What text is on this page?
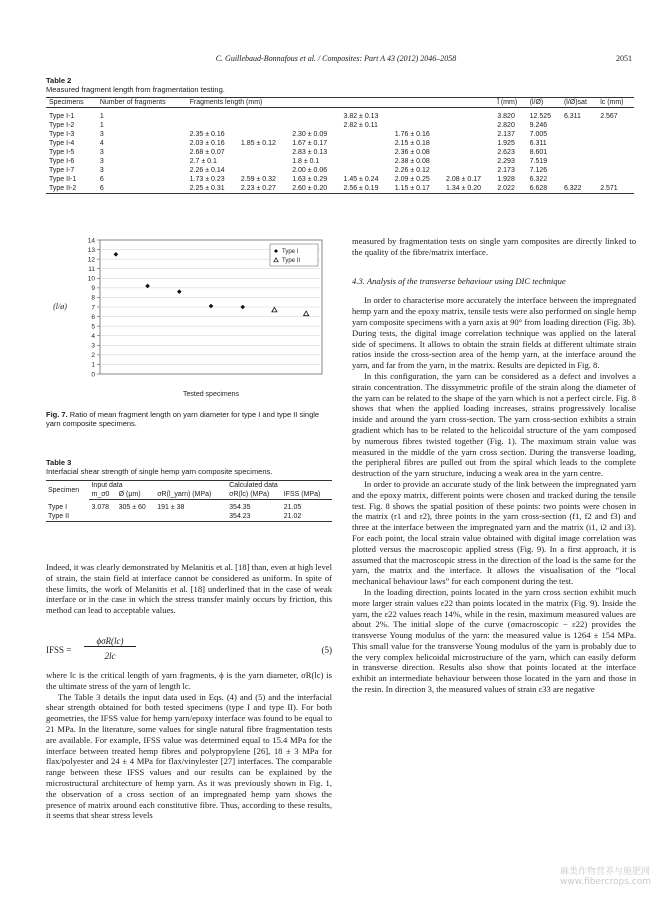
C. Guillebaud-Bonnafous et al. / Composites: Part A 43 (2012) 2046–2058	2051
Table 2
Measured fragment length from fragmentation testing.
Specimens	Number of fragments	Fragments length (mm)						l̄ (mm)	(l/Ø)	(l/Ø)sat	lc (mm)
Type I-1	1				3.82 ± 0.13			3.820	12.525	6.311	2.567
Type I-2	1				2.82 ± 0.11			2.820	9.246		
Type I-3	3	2.35 ± 0.16		2.30 ± 0.09		1.76 ± 0.16		2.137	7.005		
Type I-4	4	2.03 ± 0.16	1.85 ± 0.12	1.67 ± 0.17		2.15 ± 0.18		1.925	6.311		
Type I-5	3	2.68 ± 0.07		2.83 ± 0.13		2.36 ± 0.08		2.623	8.601		
Type I-6	3	2.7 ± 0.1		1.8 ± 0.1		2.38 ± 0.08		2.293	7.519		
Type I-7	3	2.26 ± 0.14		2.00 ± 0.06		2.26 ± 0.12		2.173	7.126		
Type II-1	6	1.73 ± 0.23	2.59 ± 0.32	1.63 ± 0.29	1.45 ± 0.24	2.09 ± 0.25	2.08 ± 0.17	1.928	6.322		
Type II-2	6	2.25 ± 0.31	2.23 ± 0.27	2.60 ± 0.20	2.56 ± 0.19	1.15 ± 0.17	1.34 ± 0.20	2.022	6.628	6.322	2.571
0
1
2
3
4
5
6
7
8
9
10
11
12
13
14
(l/ø)
Tested specimens
Type I
Type II
Fig. 7. Ratio of mean fragment length on yarn diameter for type I and type II single yarn composite specimens.
Table 3
Interfacial shear strength of single hemp yarn composite specimens.
Specimen	Input data			Calculated data	
	m_σ0	Ø (μm)	σR(l_yarn) (MPa)	σR(lc) (MPa)	IFSS (MPa)
Type I	3.078	305 ± 60	191 ± 38	354.35	21.05
Type II				354.23	21.02

Indeed, it was clearly demonstrated by Melanitis et al. [18] than, even at high level of strain, the stain field at interface cannot be considered as uniform. In spite of these limits, the work of Melanitis et al. [18] underlined that in the case of weak interface or in the case in which the stress transfer mainly occurs by friction, this method can lead to acceptable values.

IFSS =
ϕσR(lc)
2lc
(5)

where lc is the critical length of yarn fragments, ϕ is the yarn diameter, σR(lc) is the ultimate stress of the yarn of length lc.

The Table 3 details the input data used in Eqs. (4) and (5) and the interfacial shear strength obtained for both tested specimens (type I and type II). For both geometries, the IFSS value for hemp yarn/epoxy interface was found to be equal to 21 MPa. In the literature, some values for single natural fibre fragmentation tests are available. For example, IFSS value was determined equal to 15.4 MPa for the interface between treated hemp fibres and polypropylene [26], 18 ± 3 MPa for flax/polyester and 24 ± 4 MPa for flax/vinylester [27] interfaces. The comparable range between these IFSS values and our results can be explained by the microstructural architecture of hemp yarn. As it was previously shown in Fig. 1, the observation of a cross section of an impregnated hemp yarn shows the presence of matrix around each constitutive fibre. Thus, according to these results, it seems that shear stress levels

measured by fragmentation tests on single yarn composites are directly linked to the quality of the fibre/matrix interface.

4.3. Analysis of the transverse behaviour using DIC technique

In order to characterise more accurately the interface between the impregnated hemp yarn and the epoxy matrix, tensile tests were also performed on single hemp yarn composite specimens with a yarn axis at 90° from loading direction (Fig. 3b). During tests, the digital image correlation technique was applied on the lateral side of specimens. It allows to obtain the strain fields at different ultimate strain ratios inside the cross-section area of the hemp yarn, at the interface around the yarn, and far from the yarn, in the matrix. Results are depicted in Fig. 8.

In this configuration, the yarn can be considered as a defect and involves a strain concentration. The dissymmetric profile of the strain along the diameter of the yarn can be related to the shape of the yarn which is not a perfect circle. Fig. 8 shows that when the applied loading increases, strains progressively localise inside and around the yarn cross-section. The yarn cross-section exhibits a strain gradient which has to be related to the helicoidal structure of the yarn composed by numerous fibres twisted together (Fig. 1). The maximum strain value was measured in the middle of the yarn cross section. During the transverse loading, the peripheral fibres are pulled out from the spiral which leads to the complete destruction of the yarn structure, inducing a weak area in the yarn centre.

In order to provide an accurate study of the link between the impregnated yarn and the epoxy matrix, different points were chosen and tracked during the tensile test. Fig. 8 shows the spatial position of these points: two points were chosen in the matrix (r1 and r2), three points in the yarn cross-section (f1, f2 and f3) and three at the interface between the impregnated yarn and the matrix (i1, i2 and i3). For each point, the local strain value obtained with digital image correlation was plotted versus the macroscopic applied stress (Fig. 9). In a first approach, it is assumed that the macroscopic stress in the direction of the load is the same for the yarn, the matrix and the interface. It allows the visualisation of the “local mechanical behaviour laws” for each component during the test.

In the loading direction, points located in the yarn cross section exhibit much more larger strain values ε22 than points located in the matrix (Fig. 9). Inside the yarn, the ε22 values reach 14%, while in the resin, maximum measured values are about 2%. The initial slope of the curve (σmacroscopic − ε22) provides the transverse Young modulus of the yarn: the measured value is 1264 ± 154 MPa. This small value for the transverse Young modulus of the yarn is probably due to the very complex helicoidal microstructure of the yarn, which can easily deform in transverse direction. Results also show that points located at the interface exhibit an intermediate behaviour between those located in the yarn and those in the resin. In direction 3, the measured values of strain ε33 are negative

麻类作物营养与施肥网
www.fibercrops.com
